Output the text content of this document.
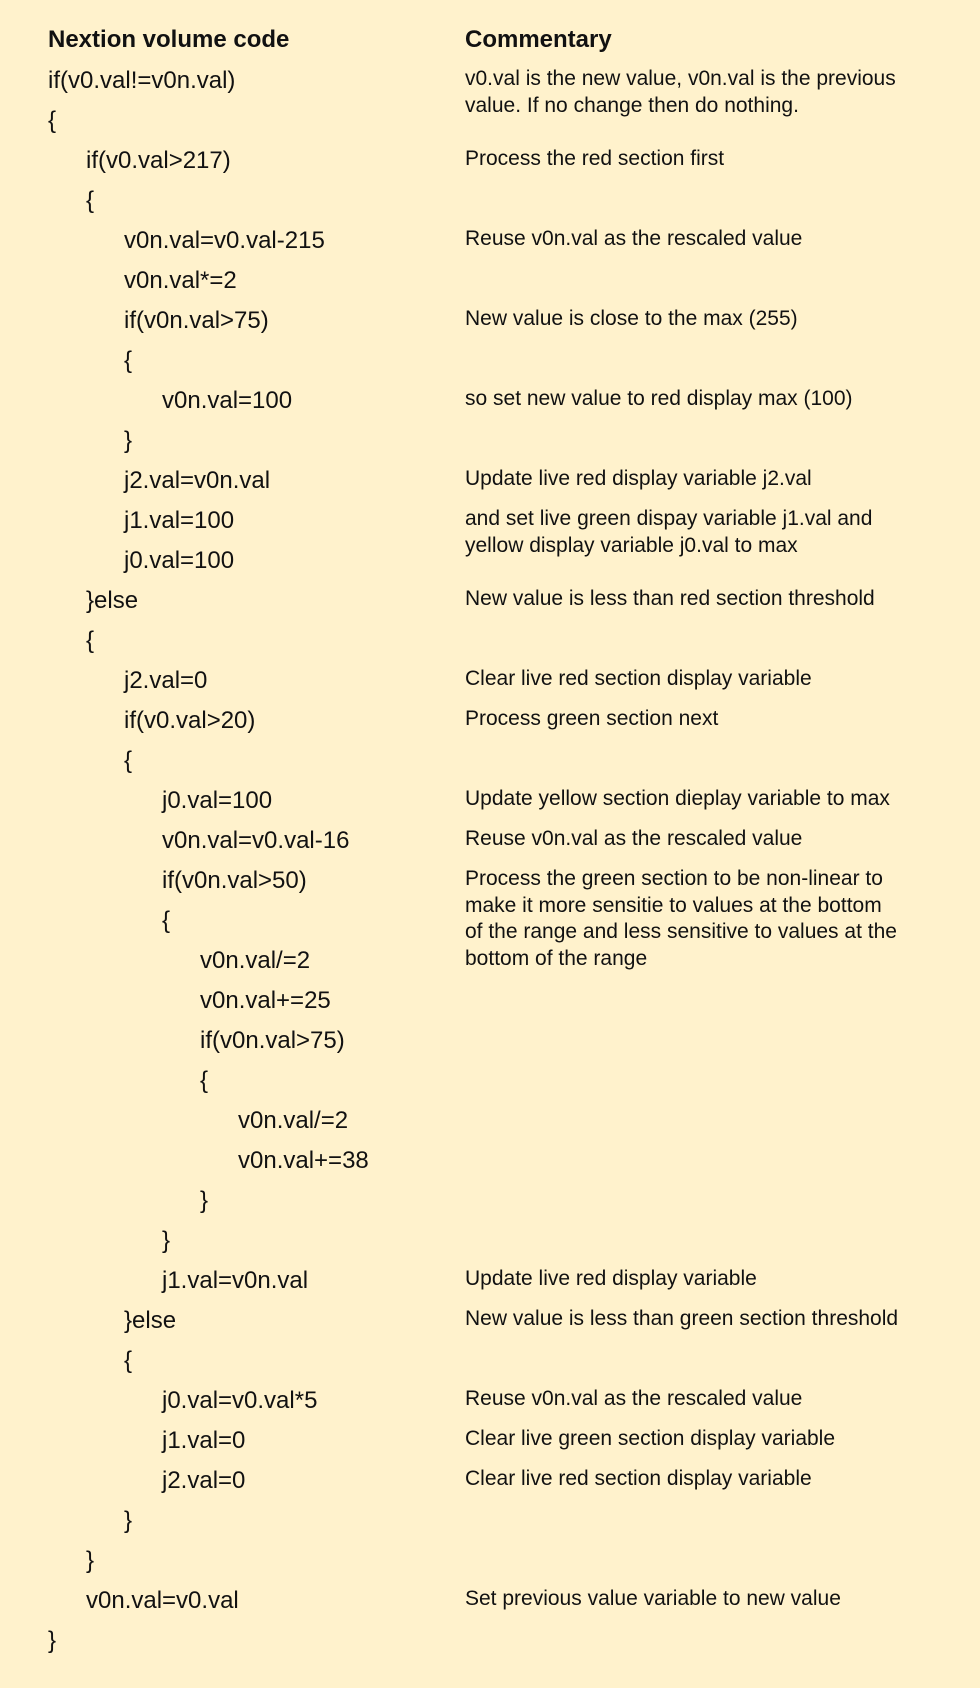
Nextion volume code	Commentary
if(v0.val!=v0n.val)	v0.val is the new value, v0n.val is the previous
value. If no change then do nothing.
{
if(v0.val>217)	Process the red section first
{
v0n.val=v0.val-215	Reuse v0n.val as the rescaled value
v0n.val*=2
if(v0n.val>75)	New value is close to the max (255)
{
v0n.val=100	so set new value to red display max (100)
}
j2.val=v0n.val	Update live red display variable j2.val
j1.val=100	and set live green dispay variable j1.val and
yellow display variable j0.val to max
j0.val=100
}else	New value is less than red section threshold
{
j2.val=0	Clear live red section display variable
if(v0.val>20)	Process green section next
{
j0.val=100	Update yellow section dieplay variable to max
v0n.val=v0.val-16	Reuse v0n.val as the rescaled value
if(v0n.val>50)	Process the green section to be non-linear to
make it more sensitie to values at the bottom
of the range and less sensitive to values at the
bottom of the range
{
v0n.val/=2
v0n.val+=25
if(v0n.val>75)
{
v0n.val/=2
v0n.val+=38
}
}
j1.val=v0n.val	Update live red display variable
}else	New value is less than green section threshold
{
j0.val=v0.val*5	Reuse v0n.val as the rescaled value
j1.val=0	Clear live green section display variable
j2.val=0	Clear live red section display variable
}
}
v0n.val=v0.val	Set previous value variable to new value
}
